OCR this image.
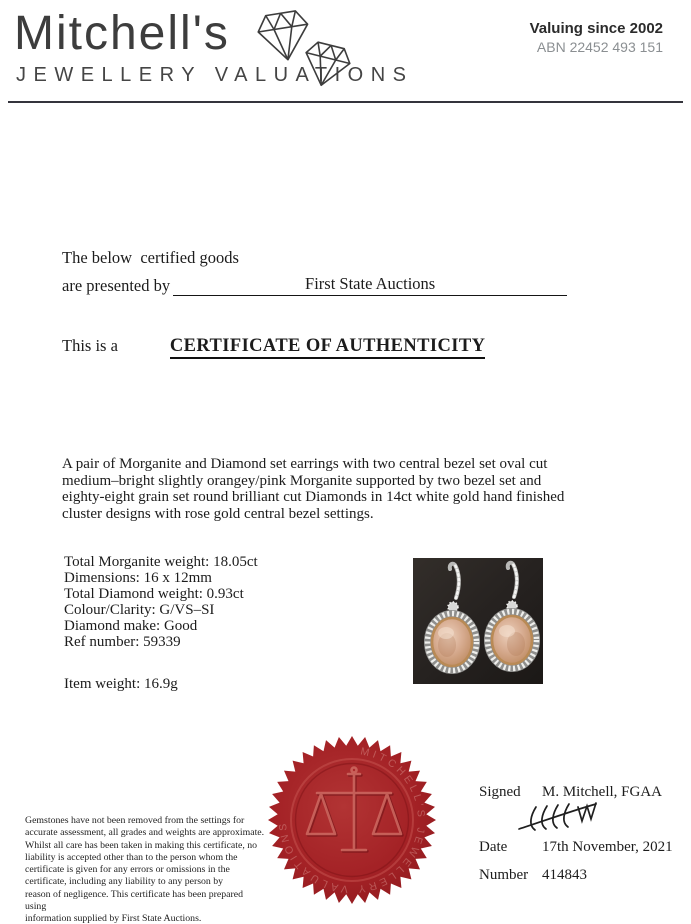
Mitchell's
JEWELLERY VALUATIONS
Valuing since 2002
ABN 22452 493 151
The below  certified goods
are presented by	First State Auctions
This is a	CERTIFICATE OF AUTHENTICITY
A pair of Morganite and Diamond set earrings with two central bezel set oval cut
medium–bright slightly orangey/pink Morganite supported by two bezel set and
eighty-eight grain set round brilliant cut Diamonds in 14ct white gold hand finished
cluster designs with rose gold central bezel settings.
Total Morganite weight: 18.05ct
Dimensions: 16 x 12mm
Total Diamond weight: 0.93ct
Colour/Clarity: G/VS–SI
Diamond make: Good
Ref number: 59339
Item weight: 16.9g
MITCHELL'S JEWELLERY VALUATIONS
Gemstones have not been removed from the settings for
accurate assessment, all grades and weights are approximate.
Whilst all care has been taken in making this certificate, no
liability is accepted other than to the person whom the
certificate is given for any errors or omissions in the
certificate, including any liability to any person by
reason of negligence. This certificate has been prepared using
information supplied by First State Auctions.
Signed M. Mitchell, FGAA
Date 17th November, 2021
Number 414843
